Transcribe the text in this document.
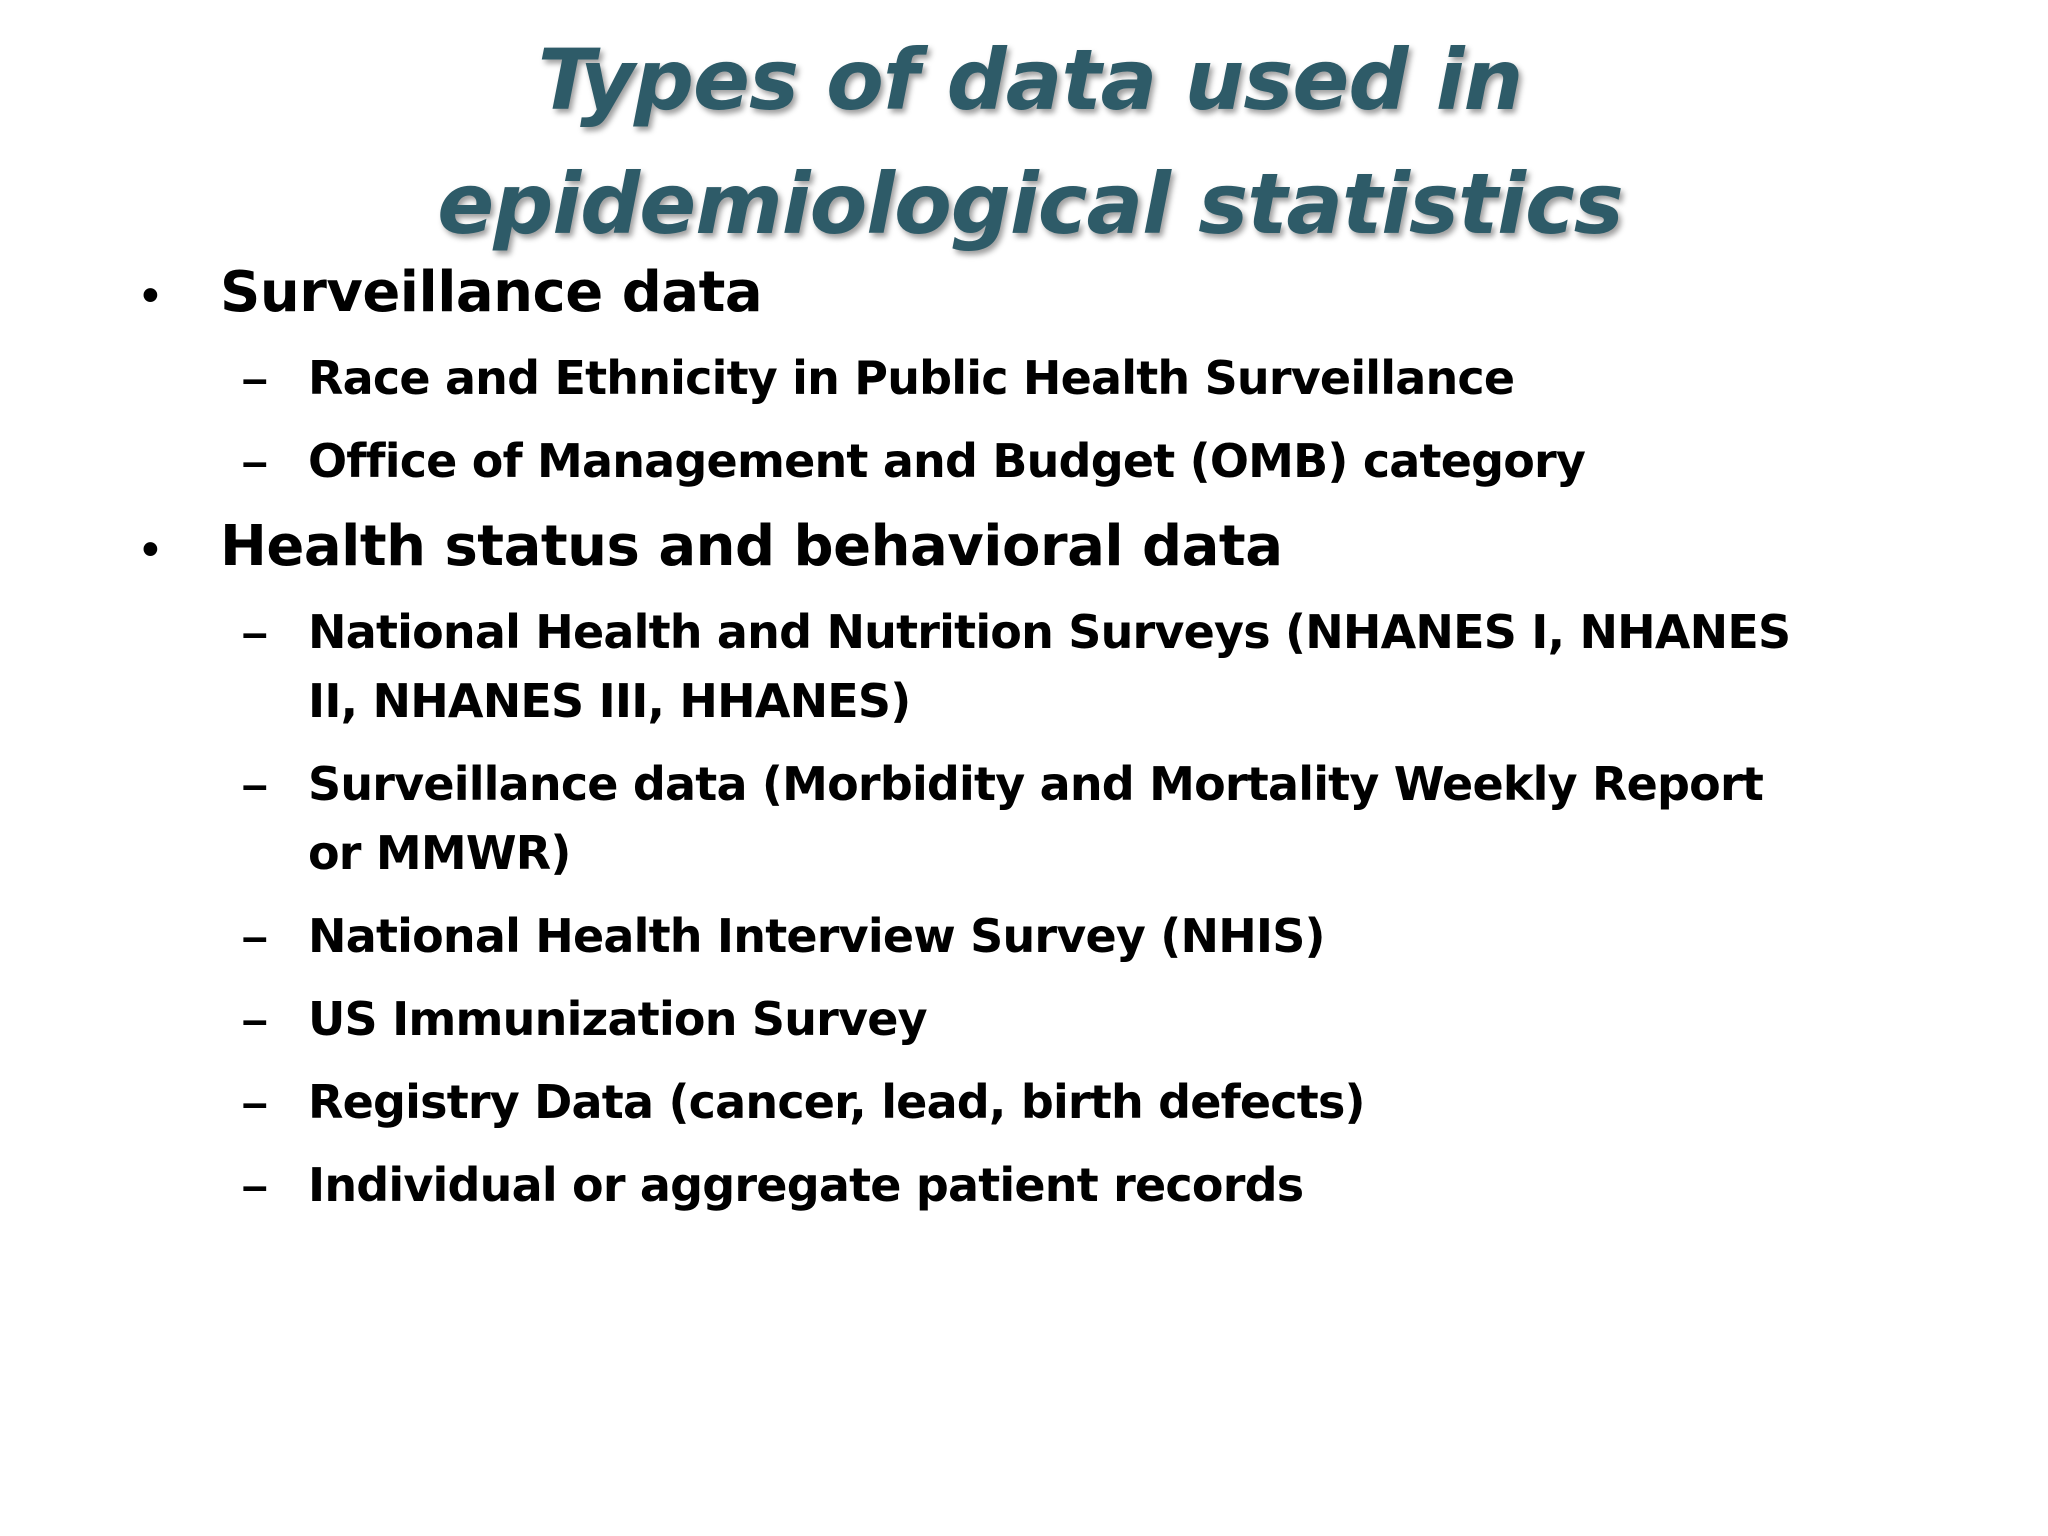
Types of data used in epidemiological statistics
•	Surveillance data
– Race and Ethnicity in Public Health Surveillance
– Office of Management and Budget (OMB) category
•	Health status and behavioral data
– National Health and Nutrition Surveys (NHANES I, NHANES II, NHANES III, HHANES)
– Surveillance data (Morbidity and Mortality Weekly Report or MMWR)
– National Health Interview Survey (NHIS)
– US Immunization Survey
– Registry Data (cancer, lead, birth defects)
– Individual or aggregate patient records
